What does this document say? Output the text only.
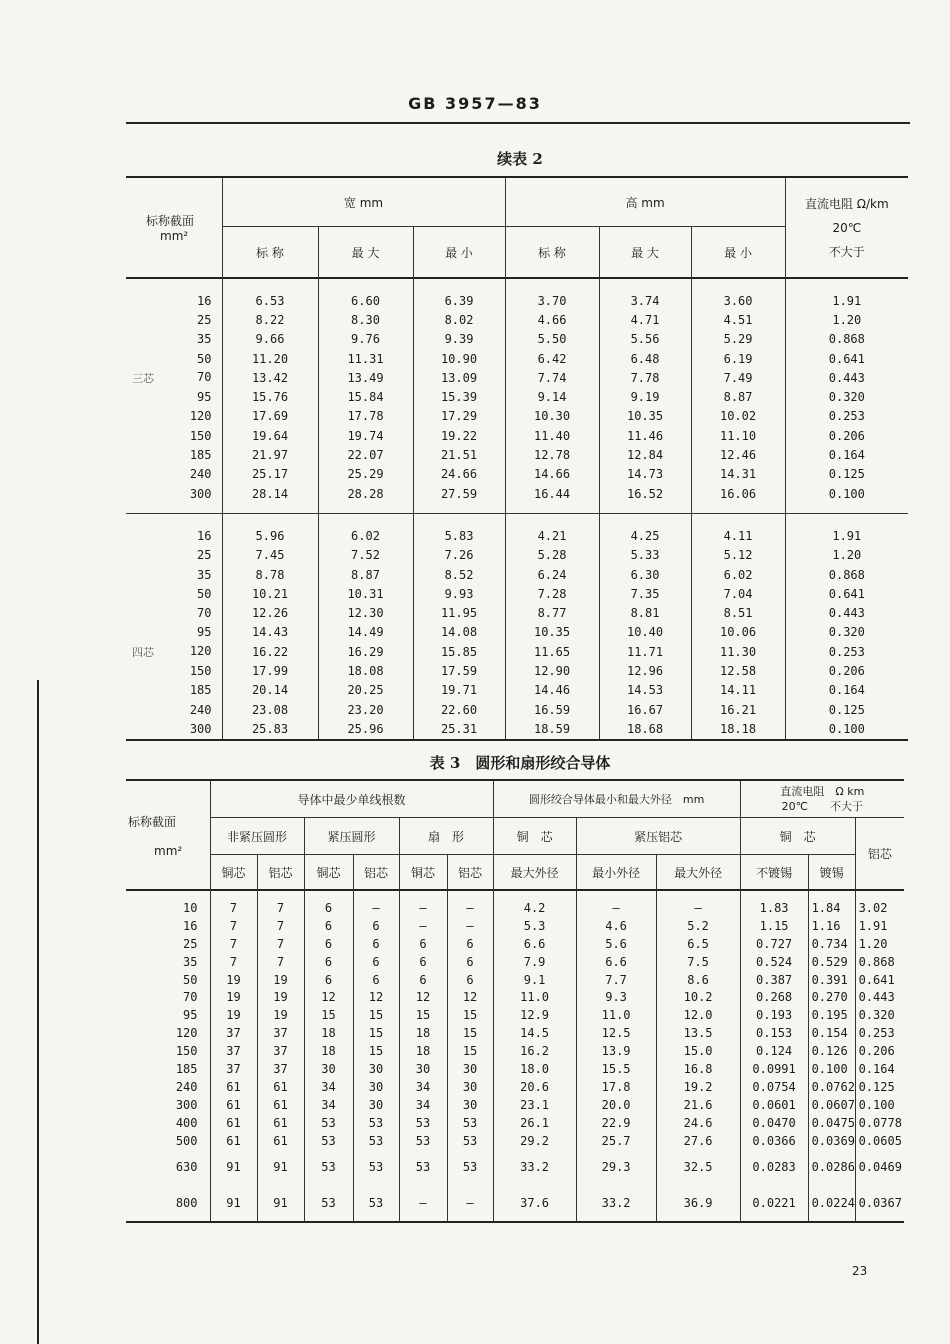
GB 3957—83
续表 2
标称截面
mm²	宽 mm			高 mm			直流电阻 Ω/km
20℃
不大于
	标 称	最 大	最 小	标 称	最 大	最 小	

16	6.53	6.60	6.39	3.70	3.74	3.60	1.91
25	8.22	8.30	8.02	4.66	4.71	4.51	1.20
35	9.66	9.76	9.39	5.50	5.56	5.29	0.868
50	11.20	11.31	10.90	6.42	6.48	6.19	0.641

三芯 70	13.42	13.49	13.09	7.74	7.78	7.49	0.443
95	15.76	15.84	15.39	9.14	9.19	8.87	0.320
120	17.69	17.78	17.29	10.30	10.35	10.02	0.253
150	19.64	19.74	19.22	11.40	11.46	11.10	0.206
185	21.97	22.07	21.51	12.78	12.84	12.46	0.164
240	25.17	25.29	24.66	14.66	14.73	14.31	0.125
300	28.14	28.28	27.59	16.44	16.52	16.06	0.100

16	5.96	6.02	5.83	4.21	4.25	4.11	1.91
25	7.45	7.52	7.26	5.28	5.33	5.12	1.20
35	8.78	8.87	8.52	6.24	6.30	6.02	0.868
50	10.21	10.31	9.93	7.28	7.35	7.04	0.641
70	12.26	12.30	11.95	8.77	8.81	8.51	0.443
95	14.43	14.49	14.08	10.35	10.40	10.06	0.320

四芯 120	16.22	16.29	15.85	11.65	11.71	11.30	0.253
150	17.99	18.08	17.59	12.90	12.96	12.58	0.206
185	20.14	20.25	19.71	14.46	14.53	14.11	0.164
240	23.08	23.20	22.60	16.59	16.67	16.21	0.125
300	25.83	25.96	25.31	18.59	18.68	18.18	0.100
表 3　圆形和扇形绞合导体
标称截面

mm²	导体中最少单线根数						圆形绞合导体最小和最大外径　mm			直流电阻　Ω km
20℃　　不大于		
	非紧压圆形		紧压圆形		扇　形		铜　芯	紧压铝芯		铜　芯		铝芯
	铜芯	铝芯	铜芯	铝芯	铜芯	铝芯	最大外径	最小外径	最大外径	不镀锡	镀锡	

10	7	7	6	—	—	—	4.2	—	—	1.83	1.84	3.02
16	7	7	6	6	—	—	5.3	4.6	5.2	1.15	1.16	1.91
25	7	7	6	6	6	6	6.6	5.6	6.5	0.727	0.734	1.20
35	7	7	6	6	6	6	7.9	6.6	7.5	0.524	0.529	0.868
50	19	19	6	6	6	6	9.1	7.7	8.6	0.387	0.391	0.641
70	19	19	12	12	12	12	11.0	9.3	10.2	0.268	0.270	0.443
95	19	19	15	15	15	15	12.9	11.0	12.0	0.193	0.195	0.320
120	37	37	18	15	18	15	14.5	12.5	13.5	0.153	0.154	0.253
150	37	37	18	15	18	15	16.2	13.9	15.0	0.124	0.126	0.206
185	37	37	30	30	30	30	18.0	15.5	16.8	0.0991	0.100	0.164
240	61	61	34	30	34	30	20.6	17.8	19.2	0.0754	0.0762	0.125
300	61	61	34	30	34	30	23.1	20.0	21.6	0.0601	0.0607	0.100
400	61	61	53	53	53	53	26.1	22.9	24.6	0.0470	0.0475	0.0778
500	61	61	53	53	53	53	29.2	25.7	27.6	0.0366	0.0369	0.0605
630	91	91	53	53	53	53	33.2	29.3	32.5	0.0283	0.0286	0.0469
800	91	91	53	53	—	—	37.6	33.2	36.9	0.0221	0.0224	0.0367
23
